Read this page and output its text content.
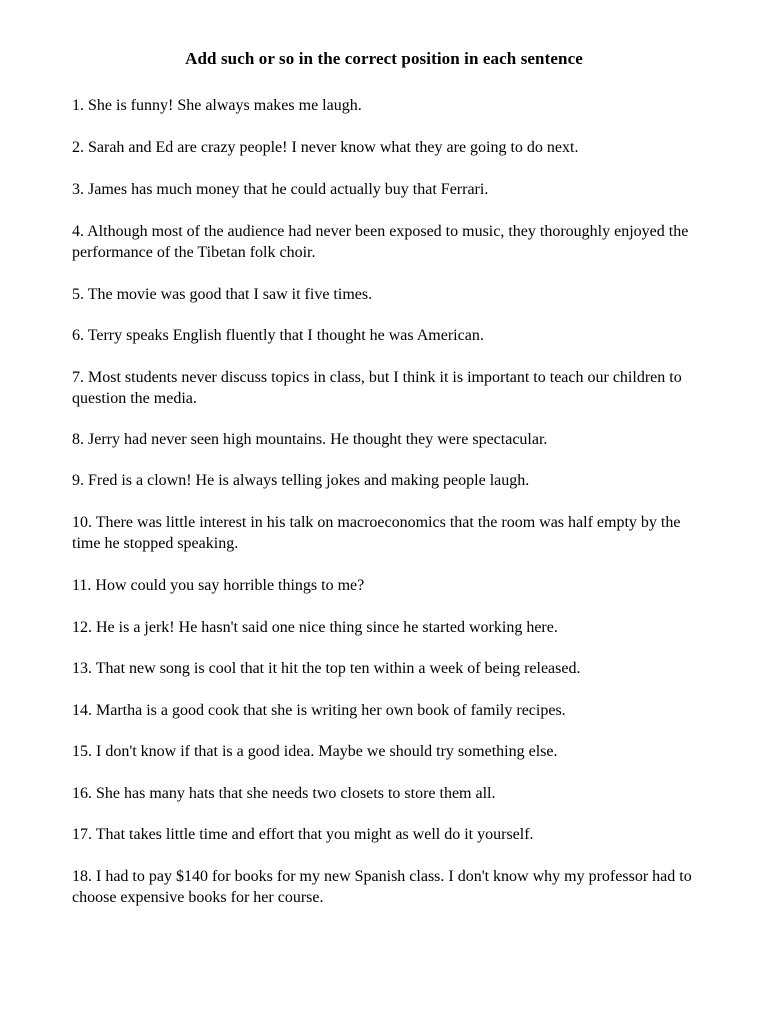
Add such or so in the correct position in each sentence
1. She is funny! She always makes me laugh.
2. Sarah and Ed are crazy people! I never know what they are going to do next.
3. James has much money that he could actually buy that Ferrari.
4. Although most of the audience had never been exposed to music, they thoroughly enjoyed the performance of the Tibetan folk choir.
5. The movie was good that I saw it five times.
6. Terry speaks English fluently that I thought he was American.
7. Most students never discuss topics in class, but I think it is important to teach our children to question the media.
8. Jerry had never seen high mountains. He thought they were spectacular.
9. Fred is a clown! He is always telling jokes and making people laugh.
10. There was little interest in his talk on macroeconomics that the room was half empty by the time he stopped speaking.
11. How could you say horrible things to me?
12. He is a jerk! He hasn't said one nice thing since he started working here.
13. That new song is cool that it hit the top ten within a week of being released.
14. Martha is a good cook that she is writing her own book of family recipes.
15. I don't know if that is a good idea. Maybe we should try something else.
16. She has many hats that she needs two closets to store them all.
17. That takes little time and effort that you might as well do it yourself.
18. I had to pay $140 for books for my new Spanish class. I don't know why my professor had to choose expensive books for her course.
